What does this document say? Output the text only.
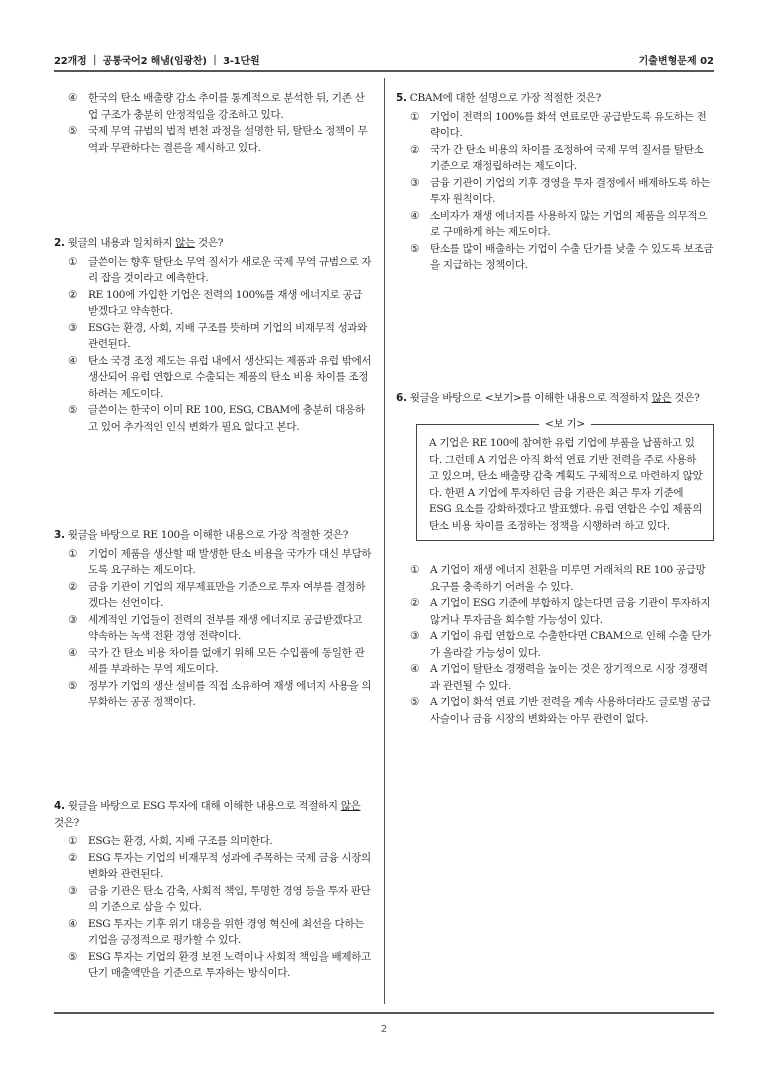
22개정 ｜ 공통국어2 해냄(임광찬) ｜ 3-1단원	기출변형문제 02

④ 한국의 탄소 배출량 감소 추이를 통계적으로 분석한 뒤, 기존 산업 구조가 충분히 안정적임을 강조하고 있다.

⑤ 국제 무역 규범의 법적 변천 과정을 설명한 뒤, 탈탄소 정책이 무역과 무관하다는 결론을 제시하고 있다.

2. 윗글의 내용과 일치하지 않는 것은?

① 글쓴이는 향후 탈탄소 무역 질서가 새로운 국제 무역 규범으로 자리 잡을 것이라고 예측한다.

② RE 100에 가입한 기업은 전력의 100%를 재생 에너지로 공급받겠다고 약속한다.

③ ESG는 환경, 사회, 지배 구조를 뜻하며 기업의 비재무적 성과와 관련된다.

④ 탄소 국경 조정 제도는 유럽 내에서 생산되는 제품과 유럽 밖에서 생산되어 유럽 연합으로 수출되는 제품의 탄소 비용 차이를 조정하려는 제도이다.

⑤ 글쓴이는 한국이 이미 RE 100, ESG, CBAM에 충분히 대응하고 있어 추가적인 인식 변화가 필요 없다고 본다.

3. 윗글을 바탕으로 RE 100을 이해한 내용으로 가장 적절한 것은?

① 기업이 제품을 생산할 때 발생한 탄소 비용을 국가가 대신 부담하도록 요구하는 제도이다.

② 금융 기관이 기업의 재무제표만을 기준으로 투자 여부를 결정하겠다는 선언이다.

③ 세계적인 기업들이 전력의 전부를 재생 에너지로 공급받겠다고 약속하는 녹색 전환 경영 전략이다.

④ 국가 간 탄소 비용 차이를 없애기 위해 모든 수입품에 동일한 관세를 부과하는 무역 제도이다.

⑤ 정부가 기업의 생산 설비를 직접 소유하여 재생 에너지 사용을 의무화하는 공공 정책이다.

4. 윗글을 바탕으로 ESG 투자에 대해 이해한 내용으로 적절하지 않은 것은?

① ESG는 환경, 사회, 지배 구조를 의미한다.

② ESG 투자는 기업의 비재무적 성과에 주목하는 국제 금융 시장의 변화와 관련된다.

③ 금융 기관은 탄소 감축, 사회적 책임, 투명한 경영 등을 투자 판단의 기준으로 삼을 수 있다.

④ ESG 투자는 기후 위기 대응을 위한 경영 혁신에 최선을 다하는 기업을 긍정적으로 평가할 수 있다.

⑤ ESG 투자는 기업의 환경 보전 노력이나 사회적 책임을 배제하고 단기 매출액만을 기준으로 투자하는 방식이다.

5. CBAM에 대한 설명으로 가장 적절한 것은?

① 기업이 전력의 100%를 화석 연료로만 공급받도록 유도하는 전략이다.

② 국가 간 탄소 비용의 차이를 조정하여 국제 무역 질서를 탈탄소 기준으로 재정립하려는 제도이다.

③ 금융 기관이 기업의 기후 경영을 투자 결정에서 배제하도록 하는 투자 원칙이다.

④ 소비자가 재생 에너지를 사용하지 않는 기업의 제품을 의무적으로 구매하게 하는 제도이다.

⑤ 탄소를 많이 배출하는 기업이 수출 단가를 낮출 수 있도록 보조금을 지급하는 정책이다.

6. 윗글을 바탕으로 <보기>를 이해한 내용으로 적절하지 않은 것은?
<보 기>

A 기업은 RE 100에 참여한 유럽 기업에 부품을 납품하고 있다. 그런데 A 기업은 아직 화석 연료 기반 전력을 주로 사용하고 있으며, 탄소 배출량 감축 계획도 구체적으로 마련하지 않았다. 한편 A 기업에 투자하던 금융 기관은 최근 투자 기준에 ESG 요소를 강화하겠다고 발표했다. 유럽 연합은 수입 제품의 탄소 비용 차이를 조정하는 정책을 시행하려 하고 있다.

① A 기업이 재생 에너지 전환을 미루면 거래처의 RE 100 공급망 요구를 충족하기 어려울 수 있다.

② A 기업이 ESG 기준에 부합하지 않는다면 금융 기관이 투자하지 않거나 투자금을 회수할 가능성이 있다.

③ A 기업이 유럽 연합으로 수출한다면 CBAM으로 인해 수출 단가가 올라갈 가능성이 있다.

④ A 기업이 탈탄소 경쟁력을 높이는 것은 장기적으로 시장 경쟁력과 관련될 수 있다.

⑤ A 기업이 화석 연료 기반 전력을 계속 사용하더라도 글로벌 공급 사슬이나 금융 시장의 변화와는 아무 관련이 없다.

2
